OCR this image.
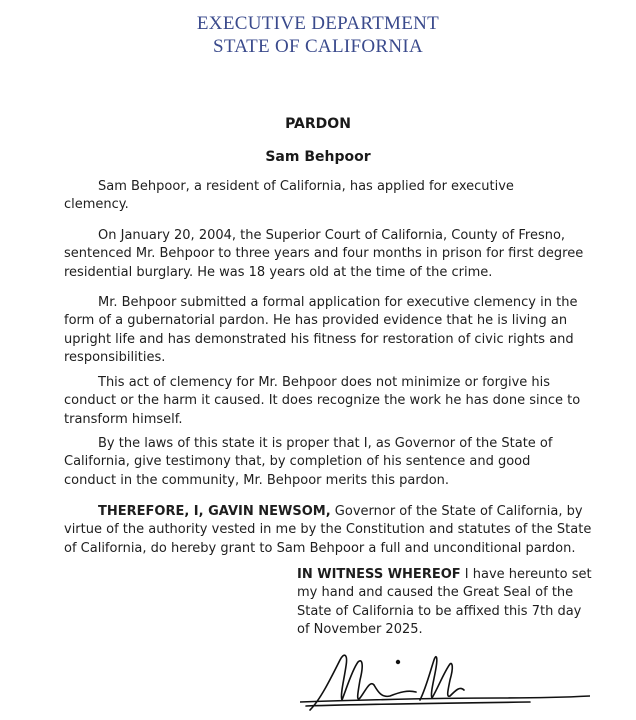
EXECUTIVE DEPARTMENT
STATE OF CALIFORNIA
PARDON
Sam Behpoor
Sam Behpoor, a resident of California, has applied for executive
clemency.
On January 20, 2004, the Superior Court of California, County of Fresno,
sentenced Mr. Behpoor to three years and four months in prison for first degree
residential burglary. He was 18 years old at the time of the crime.
Mr. Behpoor submitted a formal application for executive clemency in the
form of a gubernatorial pardon. He has provided evidence that he is living an
upright life and has demonstrated his fitness for restoration of civic rights and
responsibilities.
This act of clemency for Mr. Behpoor does not minimize or forgive his
conduct or the harm it caused. It does recognize the work he has done since to
transform himself.
By the laws of this state it is proper that I, as Governor of the State of
California, give testimony that, by completion of his sentence and good
conduct in the community, Mr. Behpoor merits this pardon.
THEREFORE, I, GAVIN NEWSOM, Governor of the State of California, by
virtue of the authority vested in me by the Constitution and statutes of the State
of California, do hereby grant to Sam Behpoor a full and unconditional pardon.
IN WITNESS WHEREOF I have hereunto set
my hand and caused the Great Seal of the
State of California to be affixed this 7th day
of November 2025.
